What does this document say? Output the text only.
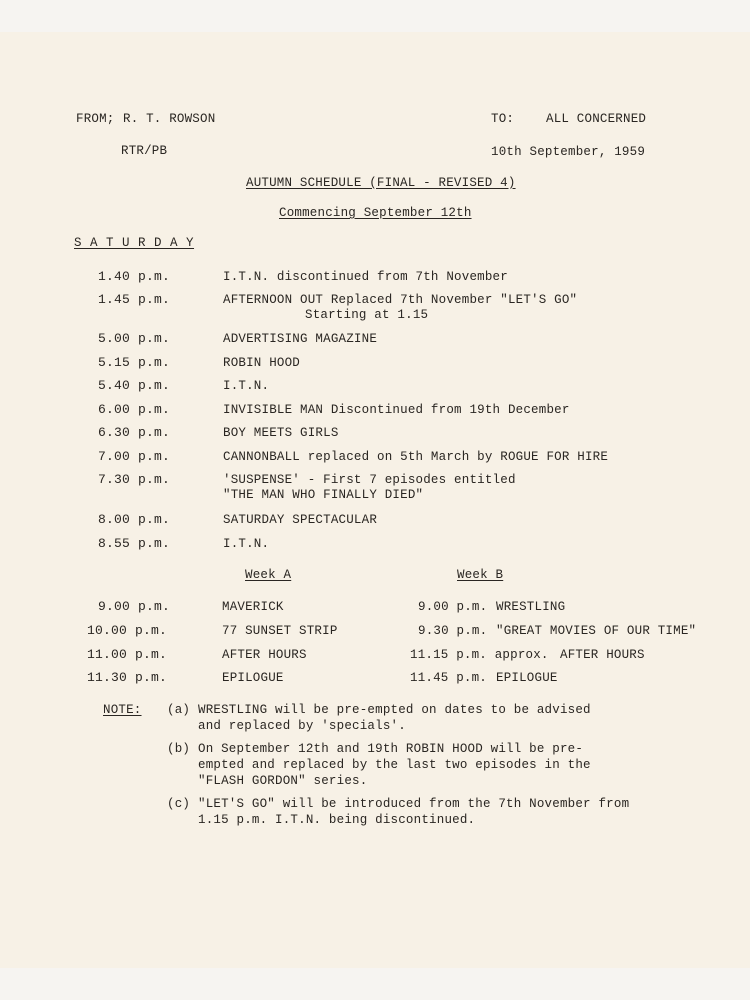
FROM; R. T. ROWSON
RTR/PB
TO:	ALL CONCERNED
10th September, 1959
AUTUMN SCHEDULE (FINAL - REVISED 4)
Commencing September 12th
S A T U R D A Y
1.40 p.m.	I.T.N. discontinued from 7th November
1.45 p.m.	AFTERNOON OUT Replaced 7th November "LET'S GO"
Starting at 1.15
5.00 p.m.	ADVERTISING MAGAZINE
5.15 p.m.	ROBIN HOOD
5.40 p.m.	I.T.N.
6.00 p.m.	INVISIBLE MAN Discontinued from 19th December
6.30 p.m.	BOY MEETS GIRLS
7.00 p.m.	CANNONBALL replaced on 5th March by ROGUE FOR HIRE
7.30 p.m.	'SUSPENSE' - First 7 episodes entitled
"THE MAN WHO FINALLY DIED"
8.00 p.m.	SATURDAY SPECTACULAR
8.55 p.m.	I.T.N.
Week A	Week B
9.00 p.m.	MAVERICK	9.00 p.m. WRESTLING
10.00 p.m.	77 SUNSET STRIP	9.30 p.m. "GREAT MOVIES OF OUR TIME"
11.00 p.m.	AFTER HOURS	11.15 p.m. approx. AFTER HOURS
11.30 p.m.	EPILOGUE	11.45 p.m. EPILOGUE
NOTE: (a) WRESTLING will be pre-empted on dates to be advised
and replaced by 'specials'.
(b) On September 12th and 19th ROBIN HOOD will be pre-
empted and replaced by the last two episodes in the
"FLASH GORDON" series.
(c) "LET'S GO" will be introduced from the 7th November from
1.15 p.m. I.T.N. being discontinued.
